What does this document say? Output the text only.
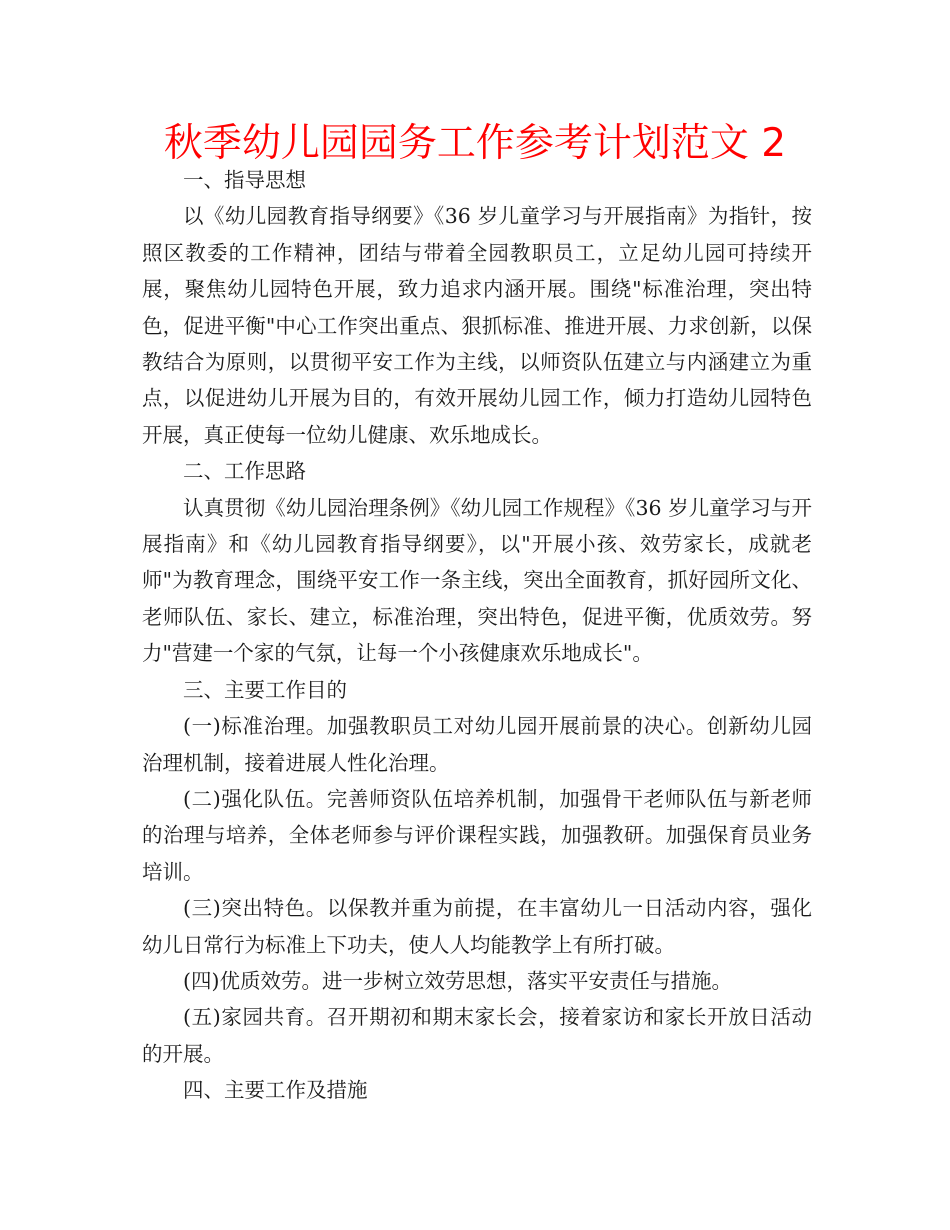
秋季幼儿园园务工作参考计划范文 2

一、指导思想

以《幼儿园教育指导纲要》《36 岁儿童学习与开展指南》为指针，按照区教委的工作精神，团结与带着全园教职员工，立足幼儿园可持续开展，聚焦幼儿园特色开展，致力追求内涵开展。围绕"标准治理，突出特色，促进平衡"中心工作突出重点、狠抓标准、推进开展、力求创新，以保教结合为原则，以贯彻平安工作为主线，以师资队伍建立与内涵建立为重点，以促进幼儿开展为目的，有效开展幼儿园工作，倾力打造幼儿园特色开展，真正使每一位幼儿健康、欢乐地成长。

二、工作思路

认真贯彻《幼儿园治理条例》《幼儿园工作规程》《36 岁儿童学习与开展指南》和《幼儿园教育指导纲要》，以"开展小孩、效劳家长，成就老师"为教育理念，围绕平安工作一条主线，突出全面教育，抓好园所文化、老师队伍、家长、建立，标准治理，突出特色，促进平衡，优质效劳。努力"营建一个家的气氛，让每一个小孩健康欢乐地成长"。

三、主要工作目的

(一)标准治理。加强教职员工对幼儿园开展前景的决心。创新幼儿园治理机制，接着进展人性化治理。

(二)强化队伍。完善师资队伍培养机制，加强骨干老师队伍与新老师的治理与培养，全体老师参与评价课程实践，加强教研。加强保育员业务培训。

(三)突出特色。以保教并重为前提，在丰富幼儿一日活动内容，强化幼儿日常行为标准上下功夫，使人人均能教学上有所打破。

(四)优质效劳。进一步树立效劳思想，落实平安责任与措施。

(五)家园共育。召开期初和期末家长会，接着家访和家长开放日活动的开展。

四、主要工作及措施
